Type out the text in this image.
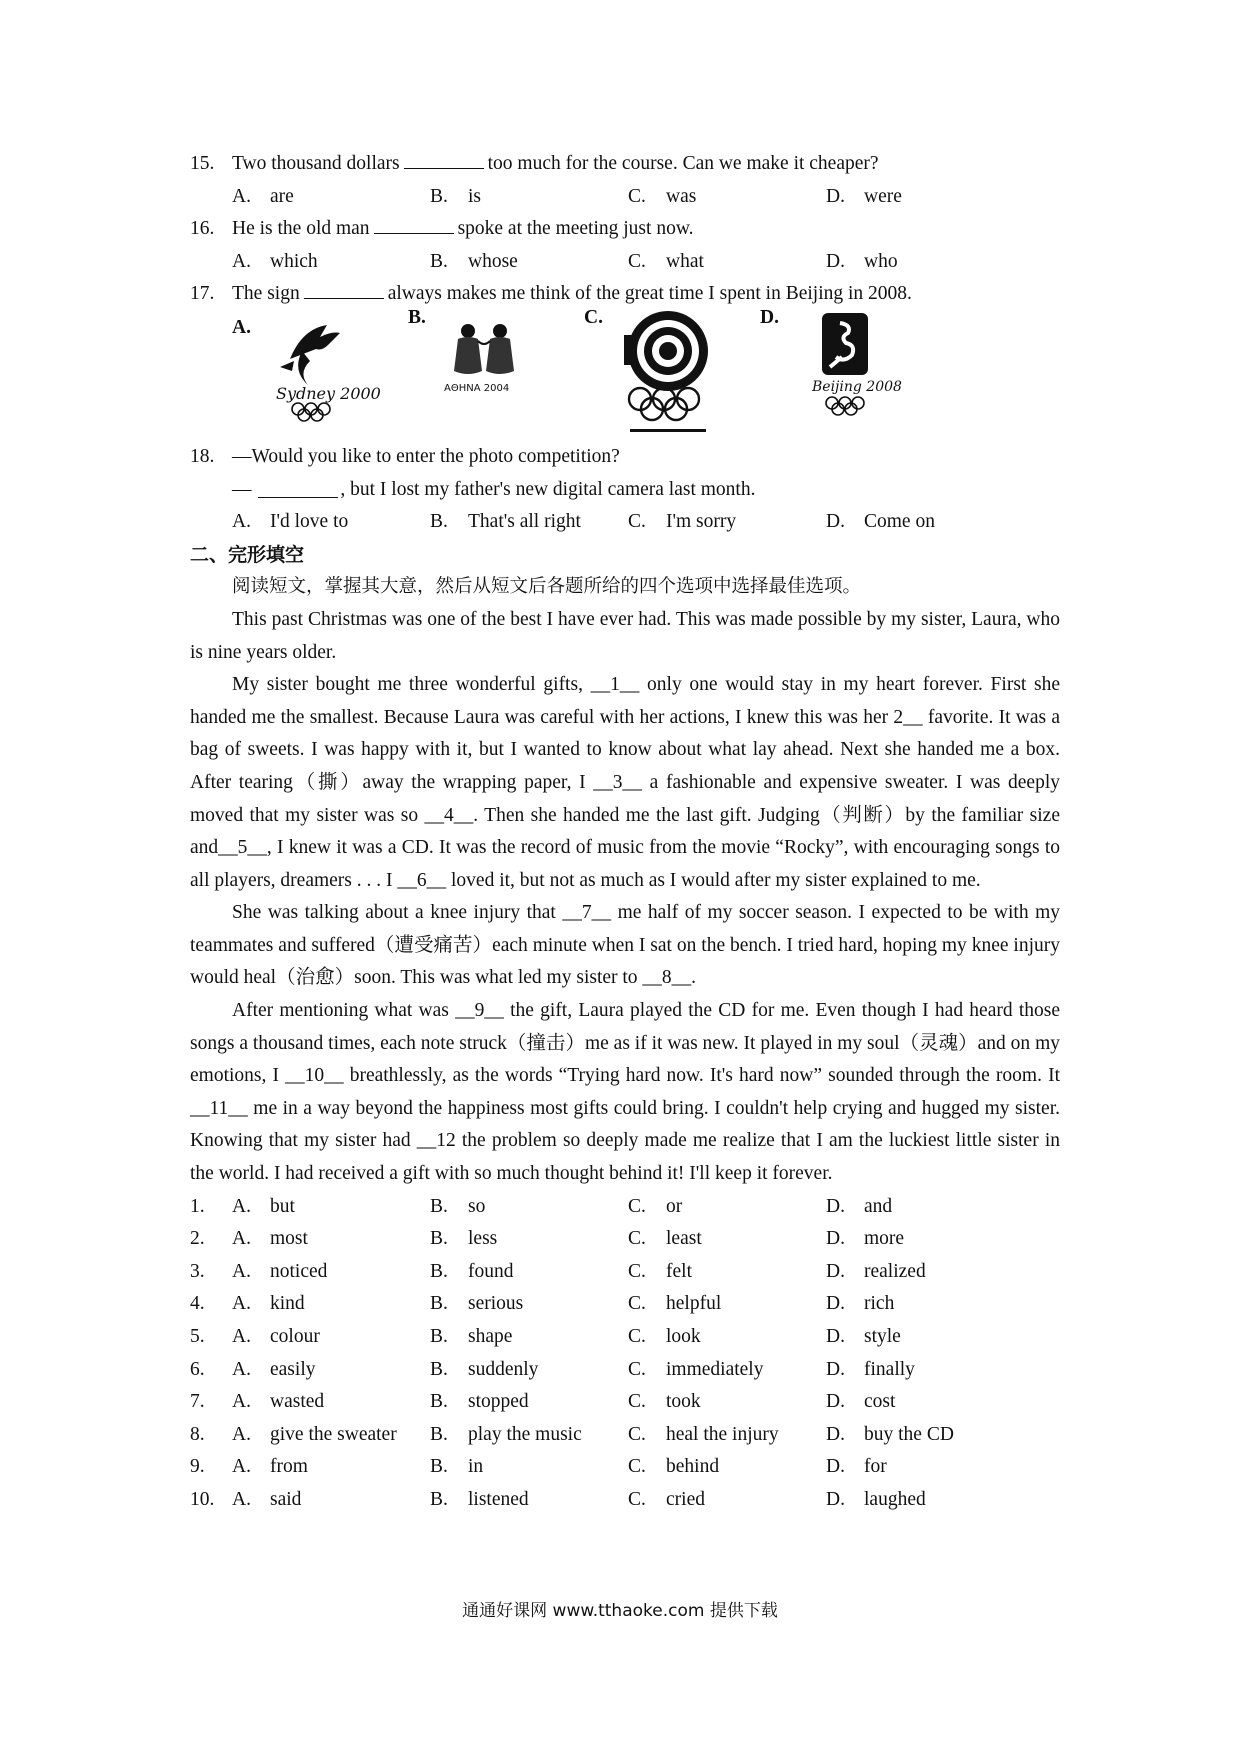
15. Two thousand dollars	too much for the course. Can we make it cheaper?
A. are	B.	is	C.	was	D. were
16. He is the old man	spoke at the meeting just now.
A. which	B.	whose	C.	what	D. who
17. The sign	always makes me think of the great time I spent in Beijing in 2008.
A.
Sydney 2000
B.
AΘHNA 2004
C.	D.
Beijing 2008
18. —Would you like to enter the photo competition?
—	, but I lost my father's new digital camera last month.
A. I'd love to	B.	That's all right C.	I'm sorry	D. Come on
二、完形填空
阅读短文，掌握其大意，然后从短文后各题所给的四个选项中选择最佳选项。
This past Christmas was one of the best I have ever had. This was made possible by my sister, Laura, who is nine years older.
My sister bought me three wonderful gifts, __1__ only one would stay in my heart forever. First she handed me the smallest. Because Laura was careful with her actions, I knew this was her 2__ favorite. It was a bag of sweets. I was happy with it, but I wanted to know about what lay ahead. Next she handed me a box. After tearing（撕）away the wrapping paper, I __3__ a fashionable and expensive sweater. I was deeply moved that my sister was so __4__. Then she handed me the last gift. Judging（判断）by the familiar size and__5__, I knew it was a CD. It was the record of music from the movie “Rocky”, with encouraging songs to all players, dreamers . . . I __6__ loved it, but not as much as I would after my sister explained to me.
She was talking about a knee injury that __7__ me half of my soccer season. I expected to be with my teammates and suffered（遭受痛苦）each minute when I sat on the bench. I tried hard, hoping my knee injury would heal（治愈）soon. This was what led my sister to __8__.
After mentioning what was __9__ the gift, Laura played the CD for me. Even though I had heard those songs a thousand times, each note struck（撞击）me as if it was new. It played in my soul（灵魂）and on my emotions, I __10__ breathlessly, as the words “Trying hard now. It's hard now” sounded through the room. It __11__ me in a way beyond the happiness most gifts could bring. I couldn't help crying and hugged my sister. Knowing that my sister had __12 the problem so deeply made me realize that I am the luckiest little sister in the world. I had received a gift with so much thought behind it! I'll keep it forever.
1.	A. but	B.	so	C.	or	D. and
2.	A. most	B.	less	C.	least	D. more
3.	A. noticed	B.	found	C.	felt	D. realized
4.	A. kind	B.	serious	C.	helpful	D. rich
5.	A. colour	B.	shape	C.	look	D. style
6.	A. easily	B.	suddenly	C.	immediately	D. finally
7.	A. wasted	B.	stopped	C.	took	D. cost
8.	A. give the sweater B.	play the music C.	heal the injury D. buy the CD
9.	A. from	B.	in	C.	behind	D. for
10. A. said	B.	listened	C.	cried	D. laughed
通通好课网 www.tthaoke.com 提供下载
